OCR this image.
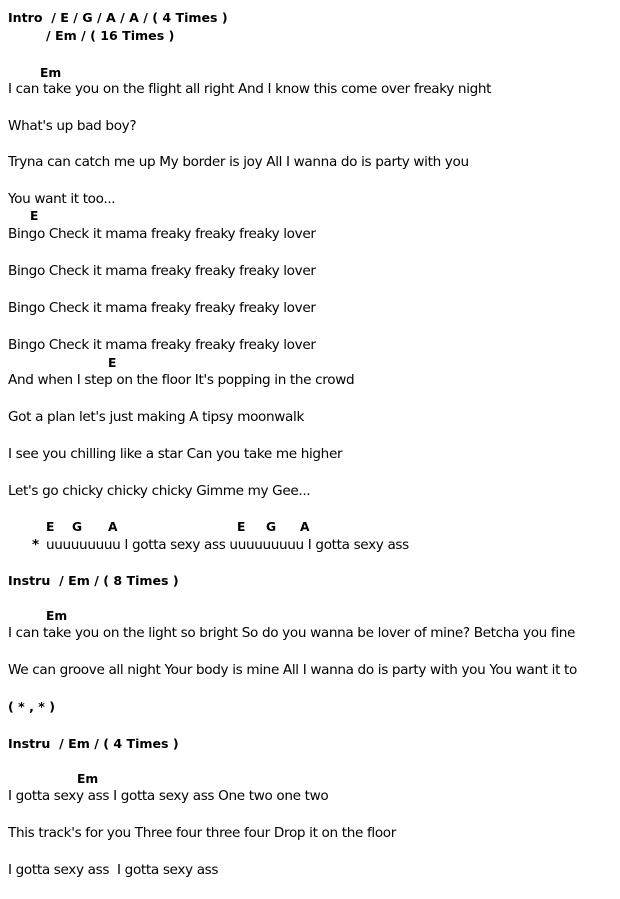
Intro  / E / G / A / A / ( 4 Times )
/ Em / ( 16 Times )
Em
I can take you on the flight all right And I know this come over freaky night
What's up bad boy?
Tryna can catch me up My border is joy All I wanna do is party with you
You want it too...
E
Bingo Check it mama freaky freaky freaky lover
Bingo Check it mama freaky freaky freaky lover
Bingo Check it mama freaky freaky freaky lover
Bingo Check it mama freaky freaky freaky lover
E
And when I step on the floor It's popping in the crowd
Got a plan let's just making A tipsy moonwalk
I see you chilling like a star Can you take me higher
Let's go chicky chicky chicky Gimme my Gee...
E G A	E G A
* uuuuuuuuu I gotta sexy ass uuuuuuuuu I gotta sexy ass
Instru  / Em / ( 8 Times )
Em
I can take you on the light so bright So do you wanna be lover of mine? Betcha you fine
We can groove all night Your body is mine All I wanna do is party with you You want it to
( * , * )
Instru  / Em / ( 4 Times )
Em
I gotta sexy ass I gotta sexy ass One two one two
This track's for you Three four three four Drop it on the floor
I gotta sexy ass  I gotta sexy ass
